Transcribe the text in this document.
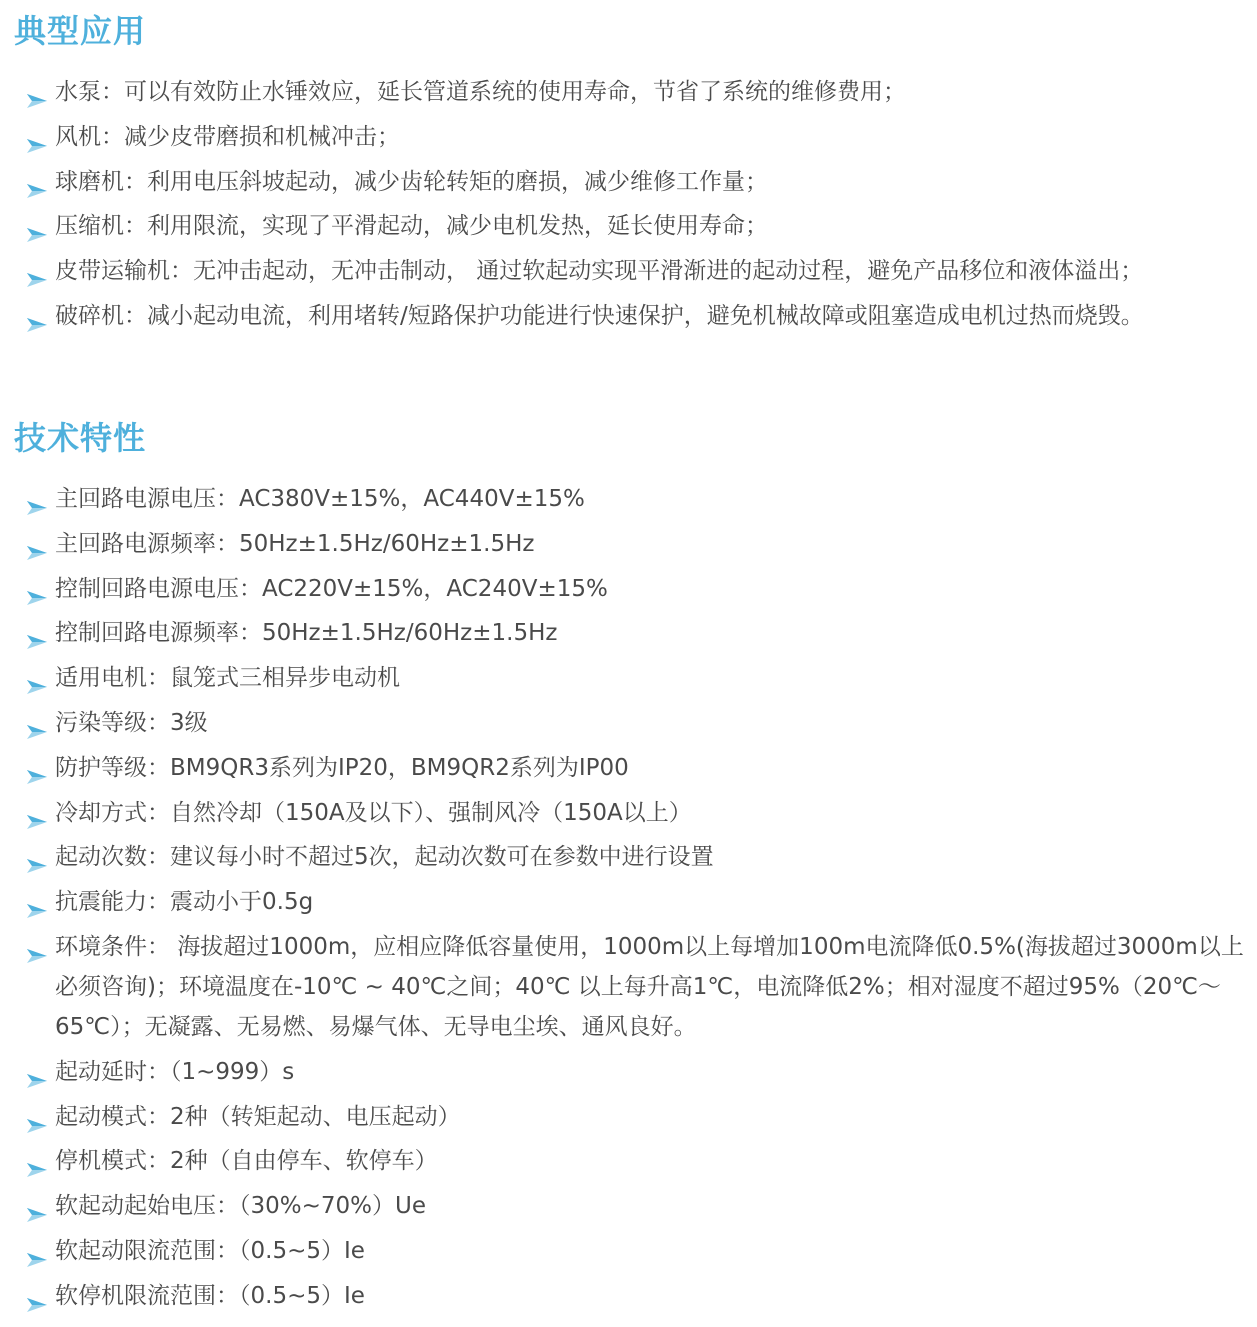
典型应用
水泵：可以有效防止水锤效应，延长管道系统的使用寿命，节省了系统的维修费用；
风机：减少皮带磨损和机械冲击；
球磨机：利用电压斜坡起动，减少齿轮转矩的磨损，减少维修工作量；
压缩机：利用限流，实现了平滑起动，减少电机发热，延长使用寿命；
皮带运输机：无冲击起动，无冲击制动， 通过软起动实现平滑渐进的起动过程，避免产品移位和液体溢出；
破碎机：减小起动电流，利用堵转/短路保护功能进行快速保护，避免机械故障或阻塞造成电机过热而烧毁。
技术特性
主回路电源电压：AC380V±15%，AC440V±15%
主回路电源频率：50Hz±1.5Hz/60Hz±1.5Hz
控制回路电源电压：AC220V±15%，AC240V±15%
控制回路电源频率：50Hz±1.5Hz/60Hz±1.5Hz
适用电机：鼠笼式三相异步电动机
污染等级：3级
防护等级：BM9QR3系列为IP20，BM9QR2系列为IP00
冷却方式：自然冷却（150A及以下）、强制风冷（150A以上）
起动次数：建议每小时不超过5次，起动次数可在参数中进行设置
抗震能力：震动小于0.5g
环境条件： 海拔超过1000m，应相应降低容量使用，1000m以上每增加100m电流降低0.5%(海拔超过3000m以上必须咨询)；环境温度在-10℃ ~ 40℃之间；40℃ 以上每升高1℃，电流降低2%；相对湿度不超过95%（20℃～65℃）；无凝露、无易燃、易爆气体、无导电尘埃、通风良好。
起动延时：（1~999）s
起动模式：2种（转矩起动、电压起动）
停机模式：2种（自由停车、软停车）
软起动起始电压：（30%~70%）Ue
软起动限流范围：（0.5~5）Ie
软停机限流范围：（0.5~5）Ie
